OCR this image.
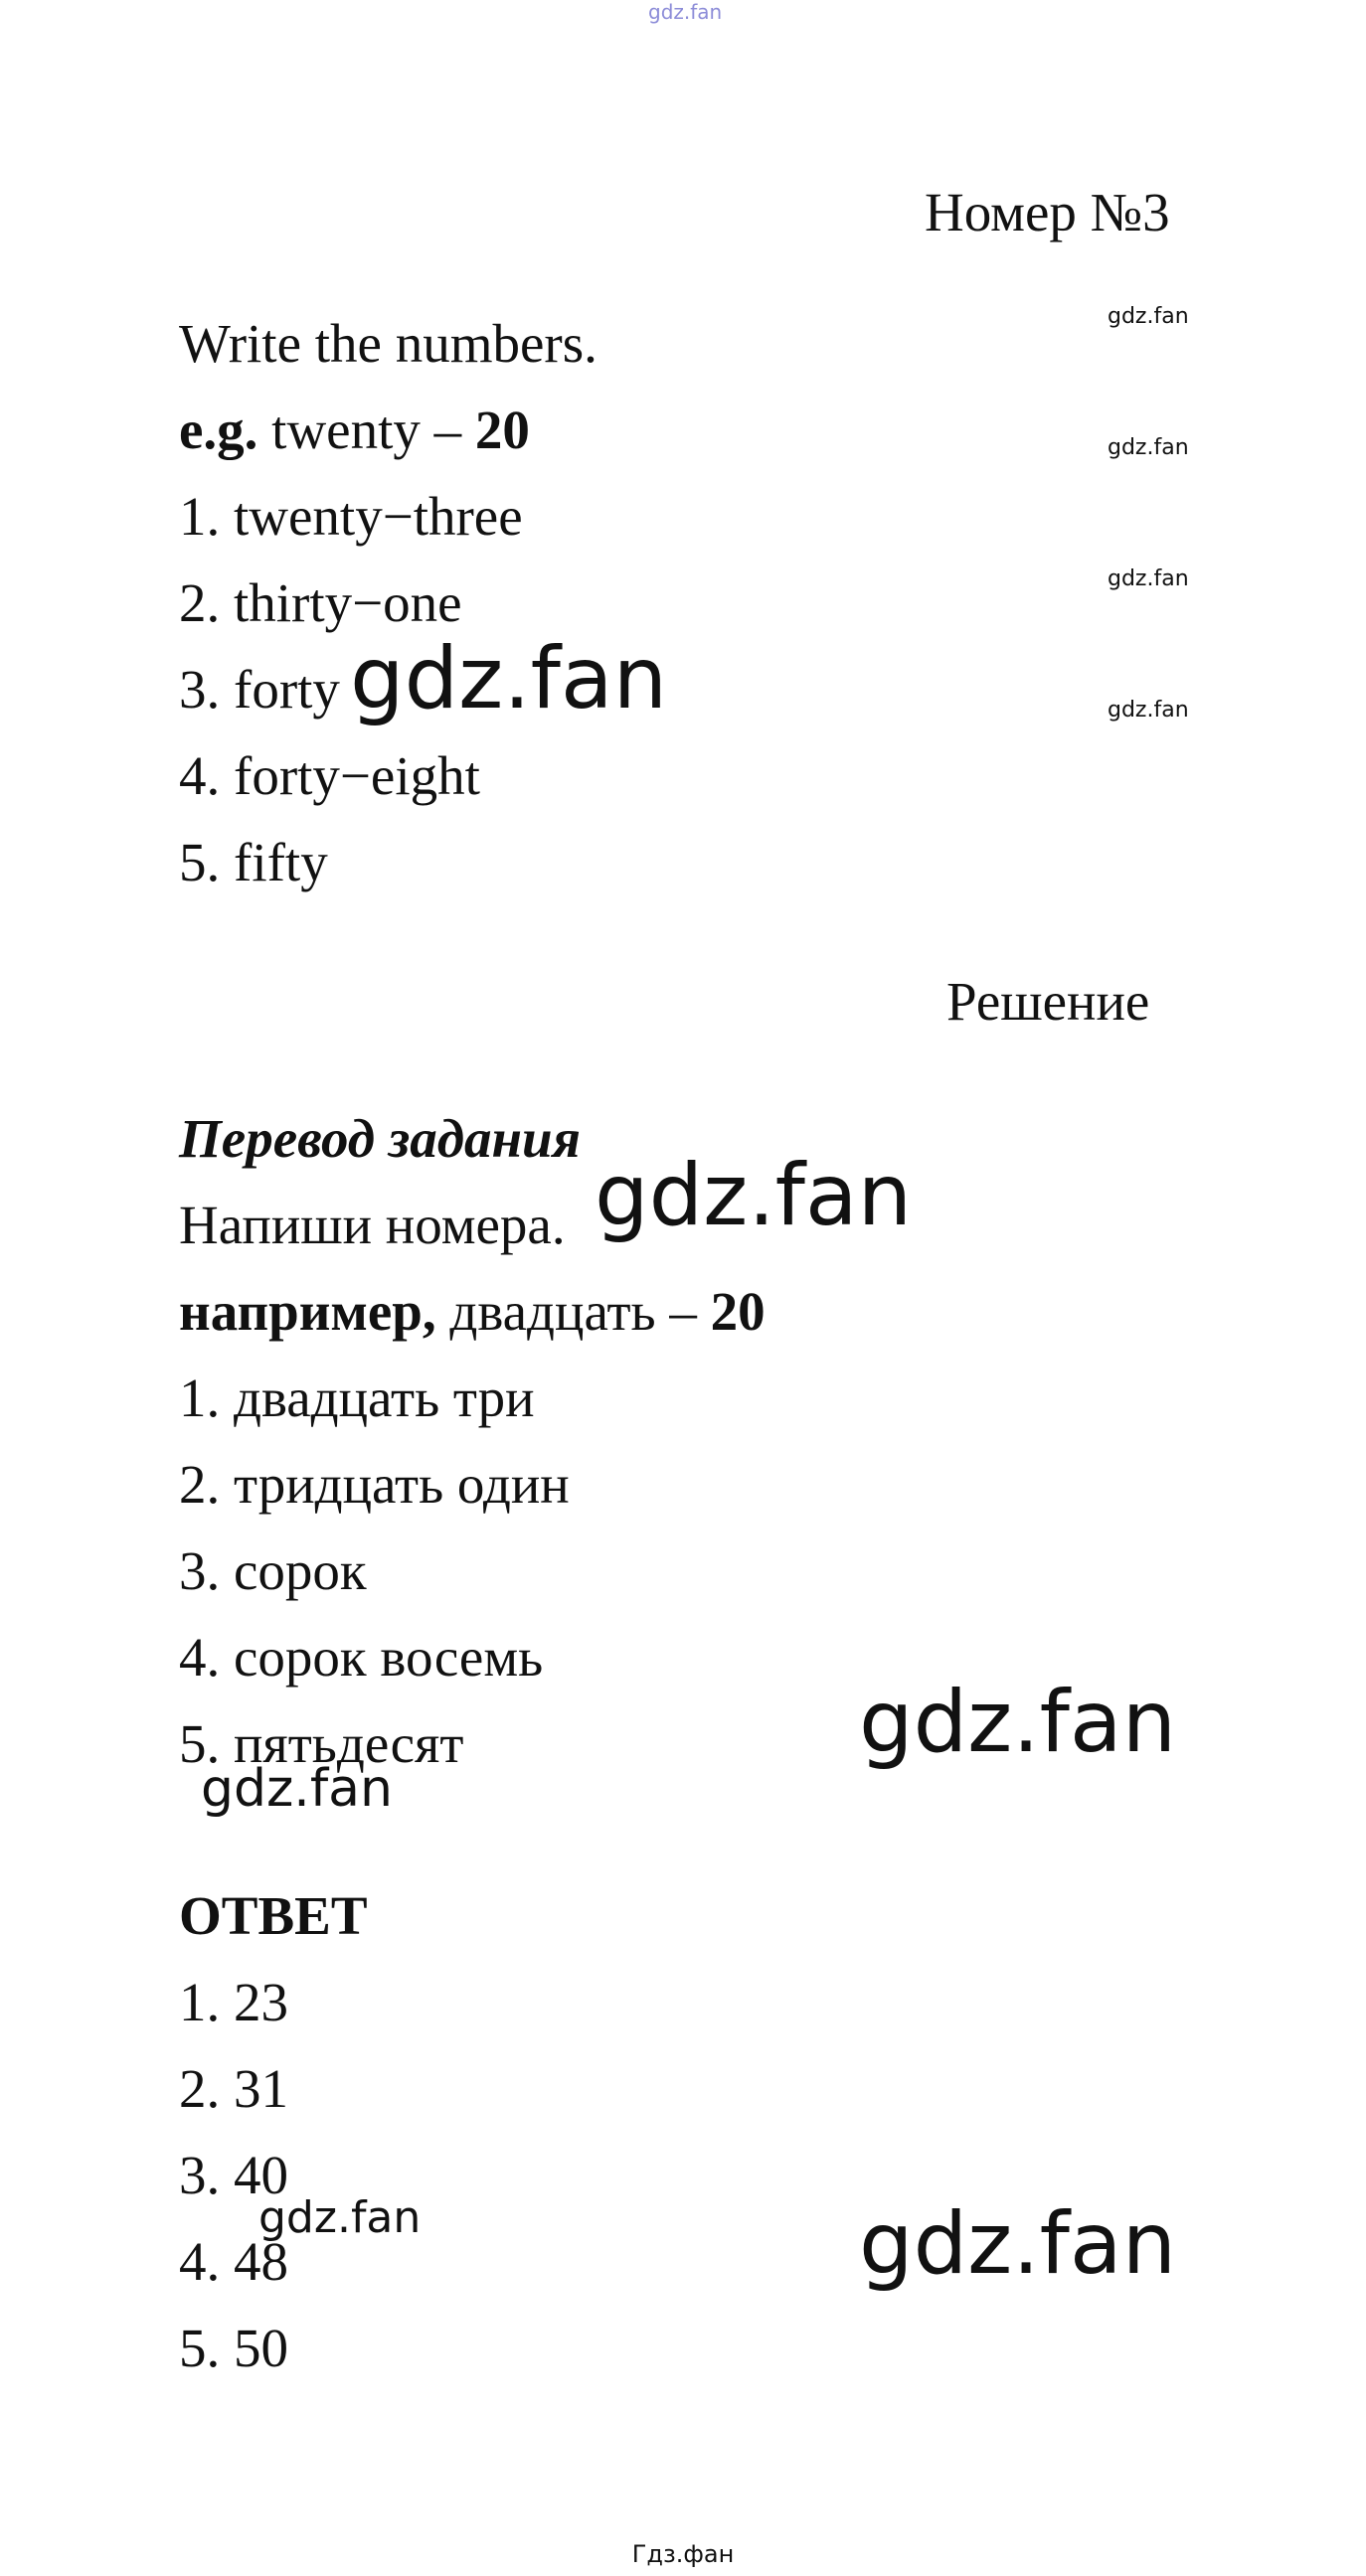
gdz.fan
Номер №3
gdz.fan
gdz.fan
gdz.fan
gdz.fan
Write the numbers.
e.g. twenty – 20
1. twenty−three
2. thirty−one
3. forty
4. forty−eight
5. fifty
gdz.fan
Решение
Перевод задания
Напиши номера. gdz.fan
например, двадцать – 20
1. двадцать три
2. тридцать один
3. сорок
4. сорок восемь
5. пятьдесят	gdz.fan
gdz.fan
ОТВЕТ
1. 23
2. 31
3. 40
4. 48
5. 50
gdz.fan	gdz.fan
Гдз.фан
